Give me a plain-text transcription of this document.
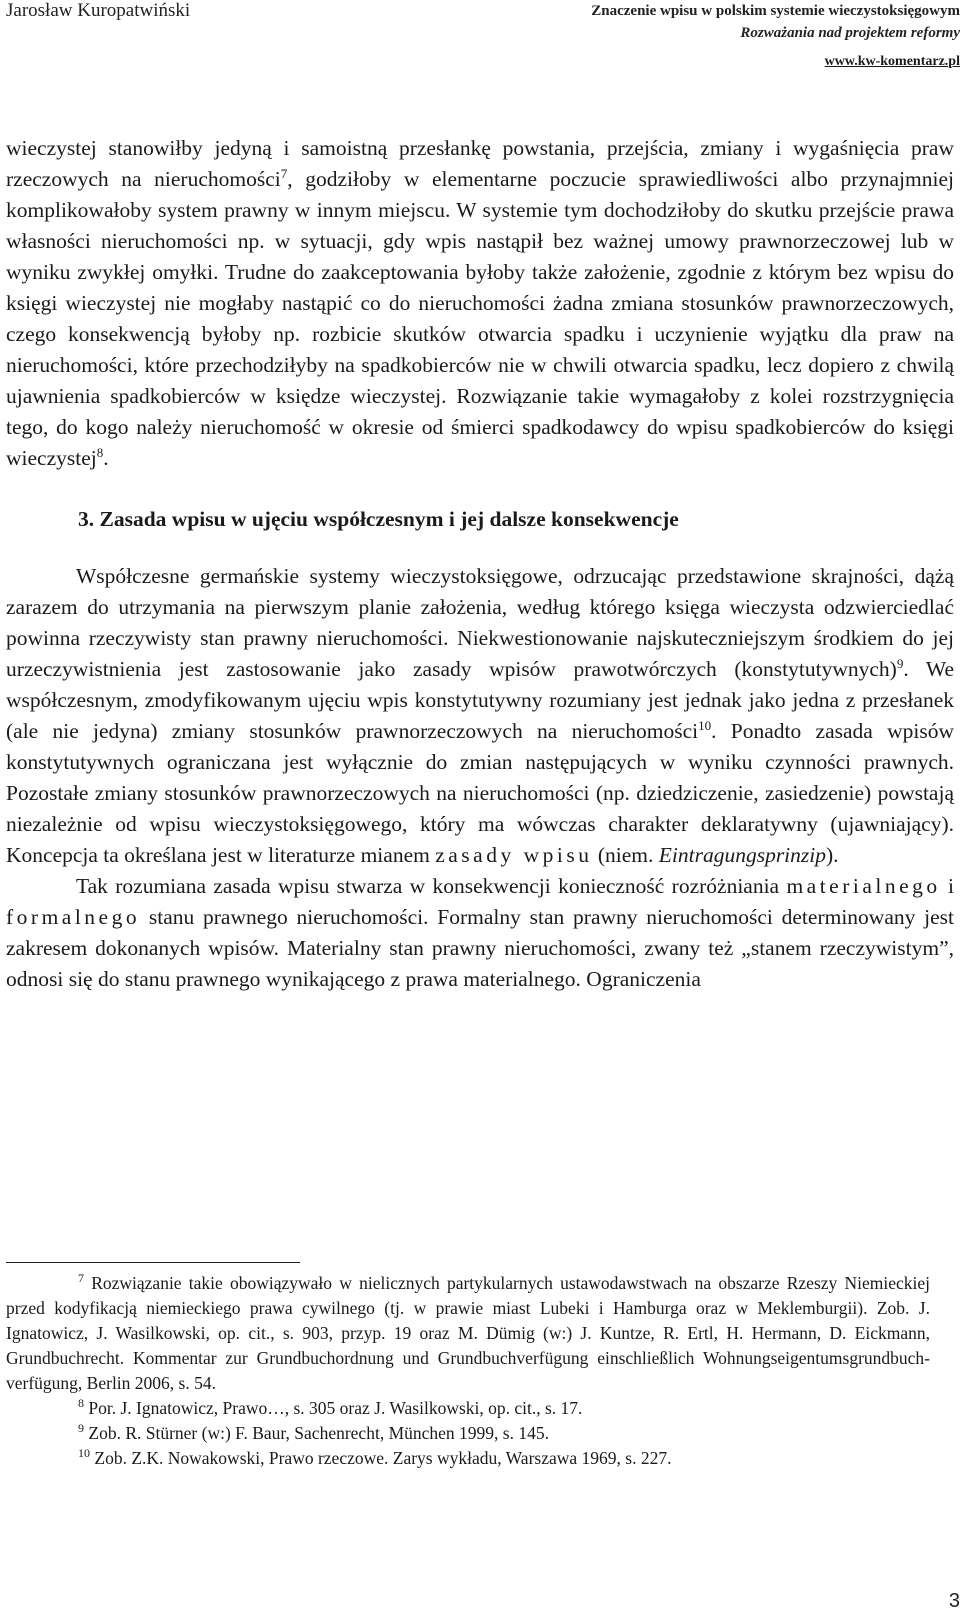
Jarosław Kuropatwiński	Znaczenie wpisu w polskim systemie wieczystoksięgowym
Rozważania nad projektem reformy
www.kw-komentarz.pl

wieczystej stanowiłby jedyną i samoistną przesłankę powstania, przejścia, zmiany i wygaśnięcia praw rzeczowych na nieruchomości$^7$, godziłoby w elementarne poczucie sprawiedliwości albo przynajmniej komplikowałoby system prawny w innym miejscu. W systemie tym dochodziłoby do skutku przejście prawa własności nieruchomości np. w sytuacji, gdy wpis nastąpił bez ważnej umowy prawnorzeczowej lub w wyniku zwykłej omyłki. Trudne do zaakceptowania byłoby także założenie, zgodnie z którym bez wpisu do księgi wieczystej nie mogłaby nastąpić co do nieruchomości żadna zmiana stosunków prawnorzeczowych, czego konsekwencją byłoby np. rozbicie skutków otwarcia spadku i uczynienie wyjątku dla praw na nieruchomości, które przechodziłyby na spadkobierców nie w chwili otwarcia spadku, lecz dopiero z chwilą ujawnienia spadkobierców w księdze wieczystej. Rozwiązanie takie wymagałoby z kolei rozstrzygnięcia tego, do kogo należy nieruchomość w okresie od śmierci spadkodawcy do wpisu spadkobierców do księgi wieczystej$^8$.

3. Zasada wpisu w ujęciu współczesnym i jej dalsze konsekwencje

Współczesne germańskie systemy wieczystoksięgowe, odrzucając przedstawione skrajności, dążą zarazem do utrzymania na pierwszym planie założenia, według którego księga wieczysta odzwierciedlać powinna rzeczywisty stan prawny nieruchomości. Niekwestionowanie najskuteczniejszym środkiem do jej urzeczywistnienia jest zastosowanie jako zasady wpisów prawotwórczych (konstytutywnych)$^9$. We współczesnym, zmodyfikowanym ujęciu wpis konstytutywny rozumiany jest jednak jako jedna z przesłanek (ale nie jedyna) zmiany stosunków prawnorzeczowych na nieruchomości$^{10}$. Ponadto zasada wpisów konstytutywnych ograniczana jest wyłącznie do zmian następujących w wyniku czynności prawnych. Pozostałe zmiany stosunków prawnorzeczowych na nieruchomości (np. dziedziczenie, zasiedzenie) powstają niezależnie od wpisu wieczystoksięgowego, który ma wówczas charakter deklaratywny (ujawniający). Koncepcja ta określana jest w literaturze mianem zasady wpisu (niem. Eintragungsprinzip).

Tak rozumiana zasada wpisu stwarza w konsekwencji konieczność rozróżniania materialnego i formalnego stanu prawnego nieruchomości. Formalny stan prawny nieruchomości determinowany jest zakresem dokonanych wpisów. Materialny stan prawny nieruchomości, zwany też „stanem rzeczywistym”, odnosi się do stanu prawnego wynikającego z prawa materialnego. Ograniczenia

$^7$ Rozwiązanie takie obowiązywało w nielicznych partykularnych ustawodawstwach na obszarze Rzeszy Niemieckiej przed kodyfikacją niemieckiego prawa cywilnego (tj. w prawie miast Lubeki i Hamburga oraz w Meklemburgii). Zob. J. Ignatowicz, J. Wasilkowski, op. cit., s. 903, przyp. 19 oraz M. Dümig (w:) J. Kuntze, R. Ertl, H. Hermann, D. Eickmann, Grundbuchrecht. Kommentar zur Grundbuchordnung und Grundbuchverfügung einschließlich Wohnungseigentumsgrundbuch-verfügung, Berlin 2006, s. 54.

$^8$ Por. J. Ignatowicz, Prawo…, s. 305 oraz J. Wasilkowski, op. cit., s. 17.

$^9$ Zob. R. Stürner (w:) F. Baur, Sachenrecht, München 1999, s. 145.

$^{10}$ Zob. Z.K. Nowakowski, Prawo rzeczowe. Zarys wykładu, Warszawa 1969, s. 227.

3
